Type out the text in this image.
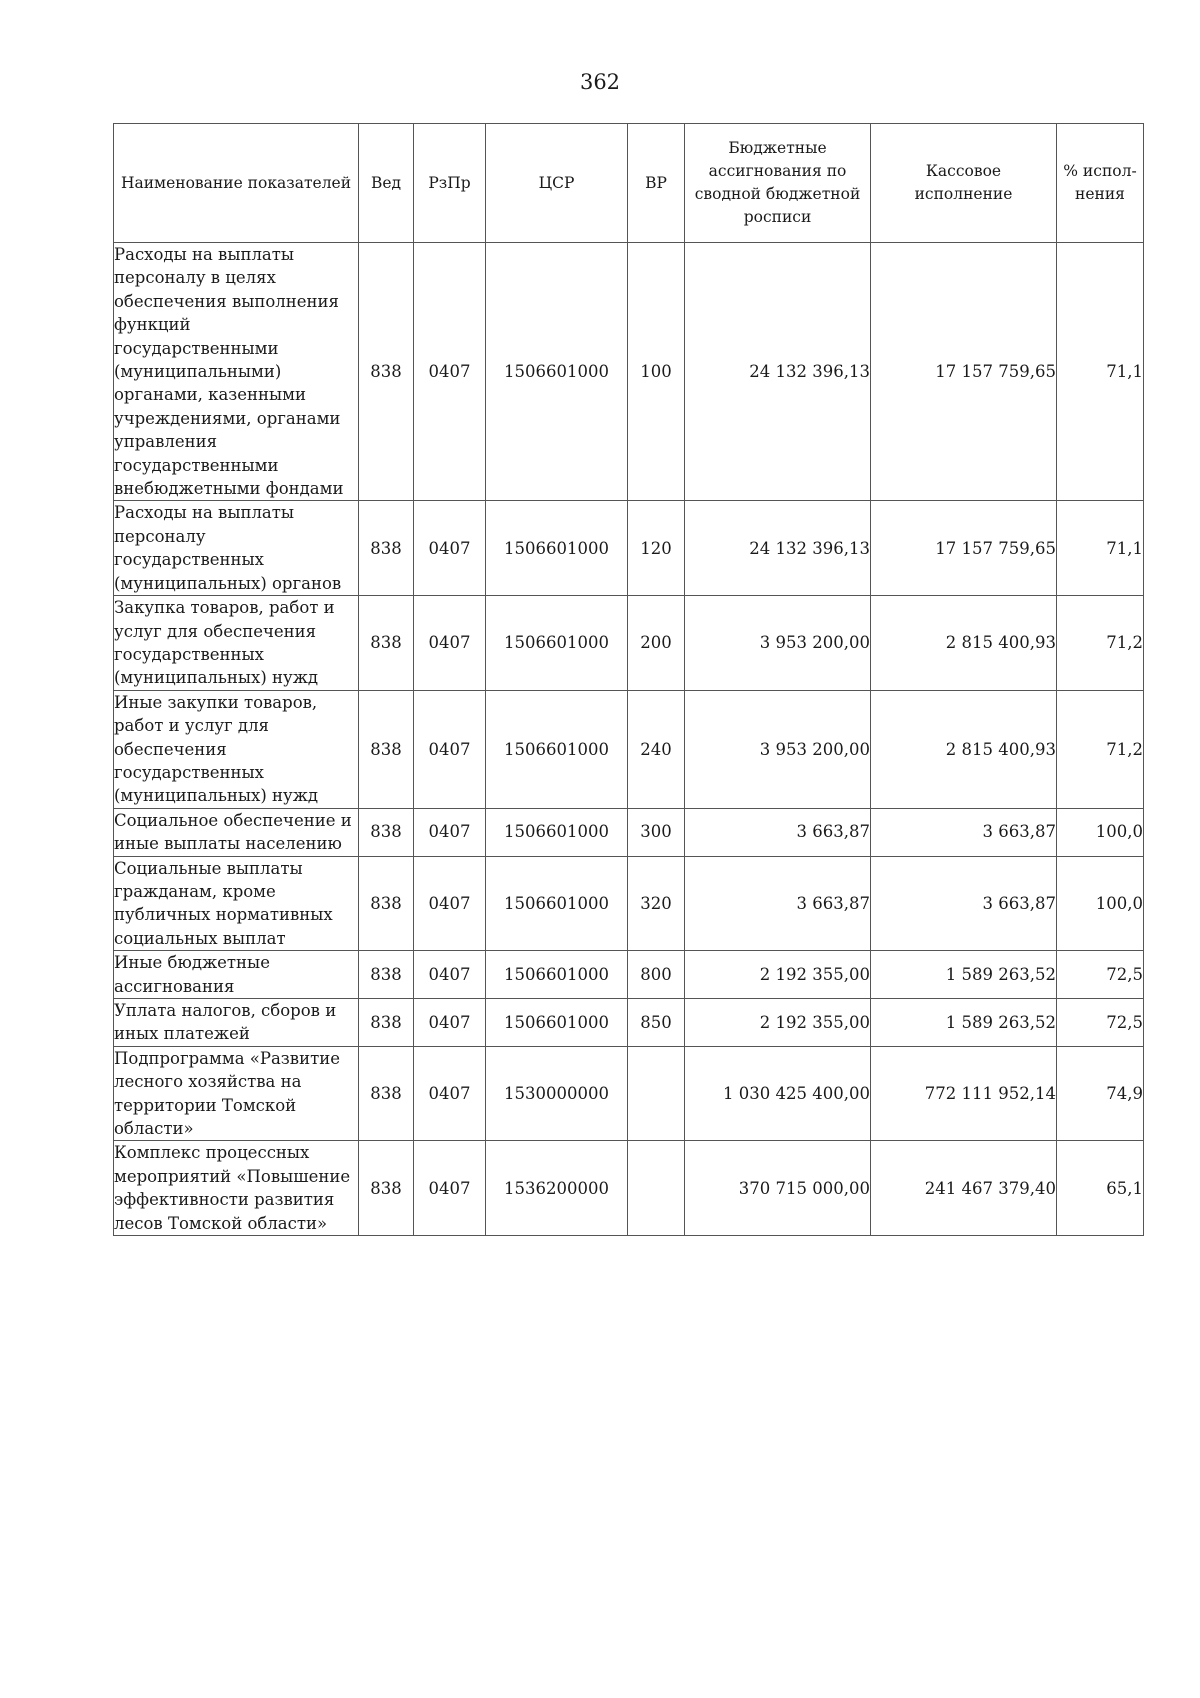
362
Наименование показателей	Вед	РзПр	ЦСР	ВР	Бюджетные ассигнования по сводной бюджетной росписи	Кассовое исполнение	% испол-нения
Расходы на выплаты персоналу в целях обеспечения выполнения функций государственными (муниципальными) органами, казенными учреждениями, органами управления государственными внебюджетными фондами	838	0407	1506601000	100	24 132 396,13	17 157 759,65	71,1
Расходы на выплаты персоналу государственных (муниципальных) органов	838	0407	1506601000	120	24 132 396,13	17 157 759,65	71,1
Закупка товаров, работ и услуг для обеспечения государственных (муниципальных) нужд	838	0407	1506601000	200	3 953 200,00	2 815 400,93	71,2
Иные закупки товаров, работ и услуг для обеспечения государственных (муниципальных) нужд	838	0407	1506601000	240	3 953 200,00	2 815 400,93	71,2
Социальное обеспечение и иные выплаты населению	838	0407	1506601000	300	3 663,87	3 663,87	100,0
Социальные выплаты гражданам, кроме публичных нормативных социальных выплат	838	0407	1506601000	320	3 663,87	3 663,87	100,0
Иные бюджетные ассигнования	838	0407	1506601000	800	2 192 355,00	1 589 263,52	72,5
Уплата налогов, сборов и иных платежей	838	0407	1506601000	850	2 192 355,00	1 589 263,52	72,5
Подпрограмма «Развитие лесного хозяйства на территории Томской области»	838	0407	1530000000		1 030 425 400,00	772 111 952,14	74,9
Комплекс процессных мероприятий «Повышение эффективности развития лесов Томской области»	838	0407	1536200000		370 715 000,00	241 467 379,40	65,1
